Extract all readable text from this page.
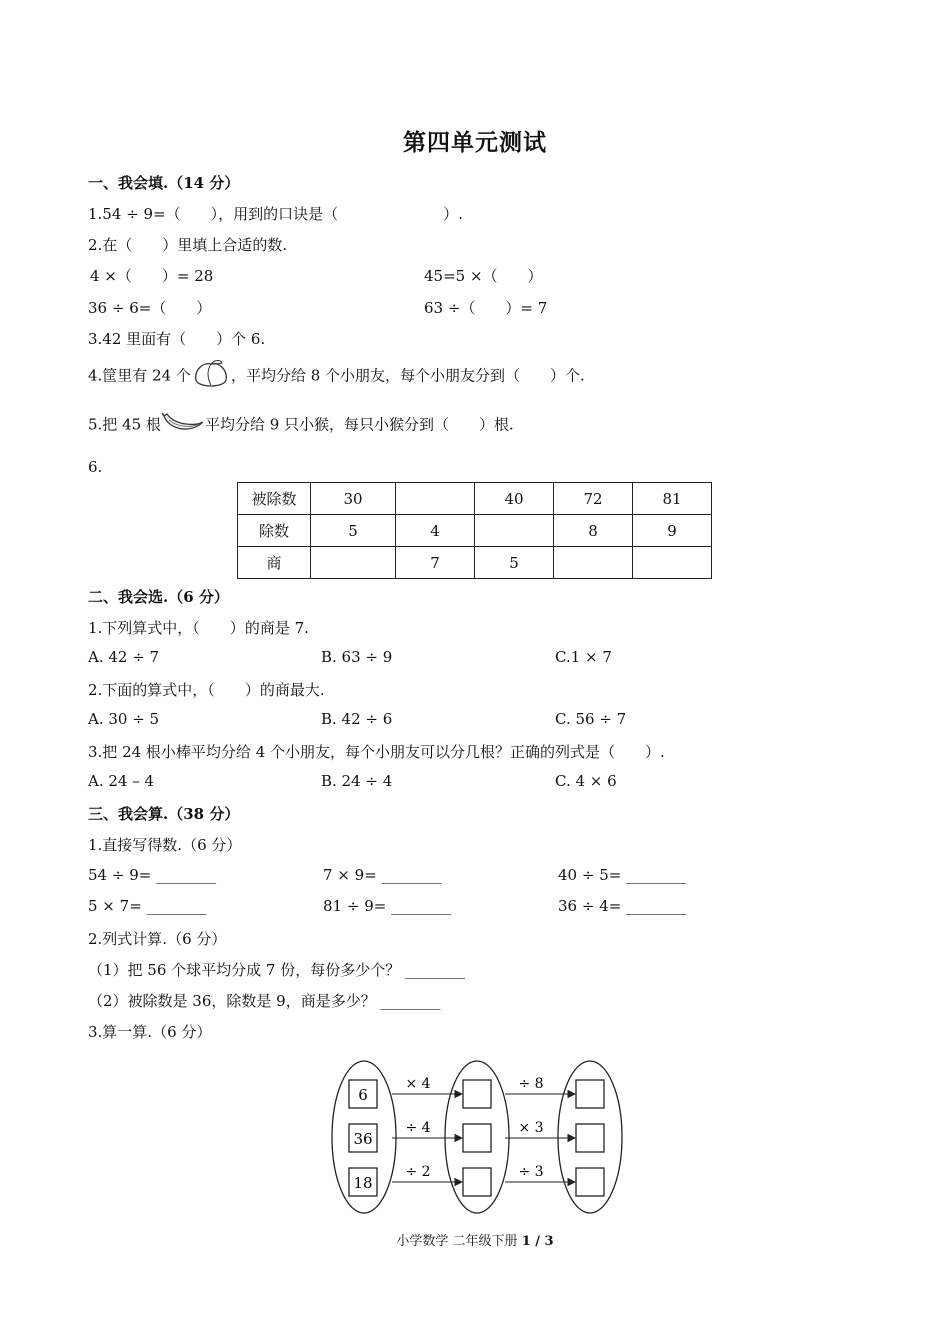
第四单元测试
一、我会填.（14 分）
1.54 ÷ 9=（　　），用到的口诀是（　　　　　　　）.
2.在（　　）里填上合适的数.
4 ×（　　）= 28	45=5 ×（　　）
36 ÷ 6=（　　）	63 ÷（　　）= 7
3.42 里面有（　　）个 6.
4.筐里有 24 个	，平均分给 8 个小朋友，每个小朋友分到（　　）个.
5.把 45 根	平均分给 9 只小猴，每只小猴分到（　　）根.
6.
被除数	30		40	72	81
除数	5	4		8	9
商		7	5		
二、我会选.（6 分）
1.下列算式中，（　　）的商是 7.
A. 42 ÷ 7	B. 63 ÷ 9	C.1 × 7
2.下面的算式中，（　　）的商最大.
A. 30 ÷ 5	B. 42 ÷ 6	C. 56 ÷ 7
3.把 24 根小棒平均分给 4 个小朋友，每个小朋友可以分几根？正确的列式是（　　）.
A. 24 – 4	B. 24 ÷ 4	C. 4 × 6
三、我会算.（38 分）
1.直接写得数.（6 分）
54 ÷ 9= ________	7 × 9= ________	40 ÷ 5= ________
5 × 7= ________	81 ÷ 9= ________	36 ÷ 4= ________
2.列式计算.（6 分）
（1）把 56 个球平均分成 7 份，每份多少个？ ________
（2）被除数是 36，除数是 9，商是多少？ ________
3.算一算.（6 分）
6
36
18
× 4
÷ 4
÷ 2
÷ 8
× 3
÷ 3
小学数学 二年级下册 1 / 3
